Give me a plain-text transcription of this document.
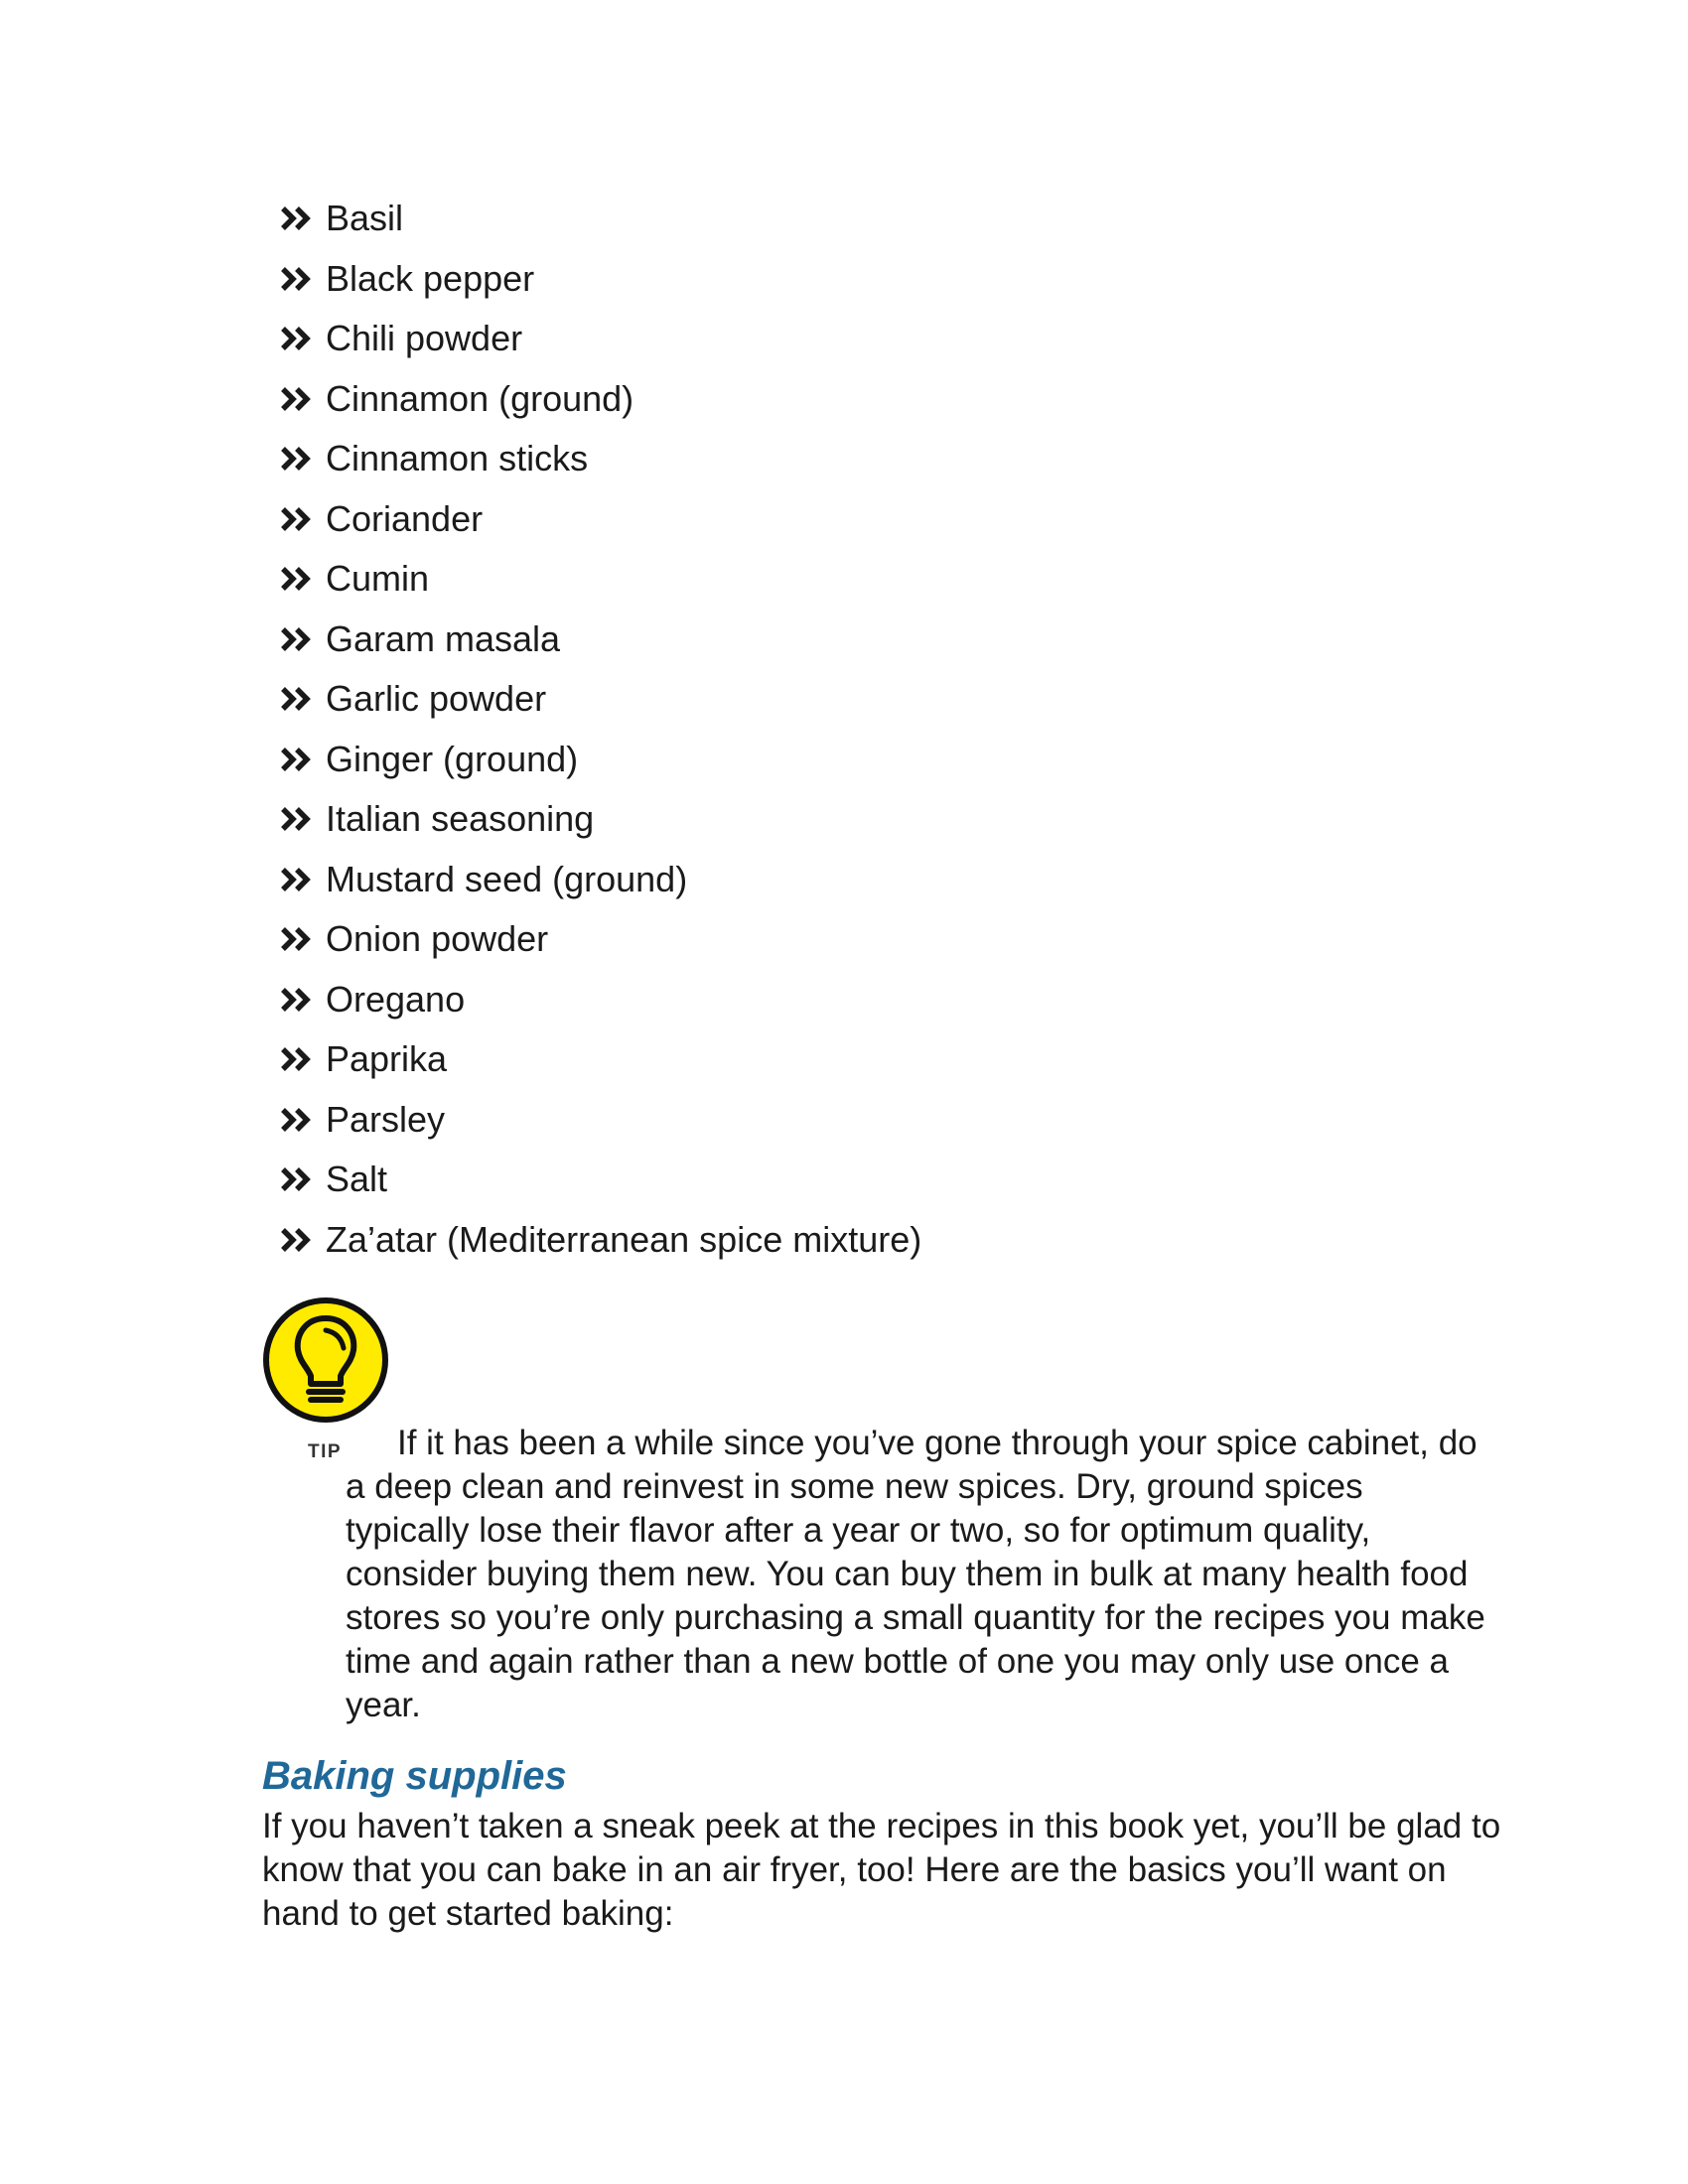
Basil
Black pepper
Chili powder
Cinnamon (ground)
Cinnamon sticks
Coriander
Cumin
Garam masala
Garlic powder
Ginger (ground)
Italian seasoning
Mustard seed (ground)
Onion powder
Oregano
Paprika
Parsley
Salt
Za’atar (Mediterranean spice mixture)
TIP	If it has been a while since you’ve gone through your spice cabinet, do a deep clean and reinvest in some new spices. Dry, ground spices typically lose their flavor after a year or two, so for optimum quality, consider buying them new. You can buy them in bulk at many health food stores so you’re only purchasing a small quantity for the recipes you make time and again rather than a new bottle of one you may only use once a year.

Baking supplies

If you haven’t taken a sneak peek at the recipes in this book yet, you’ll be glad to know that you can bake in an air fryer, too! Here are the basics you’ll want on hand to get started baking:
